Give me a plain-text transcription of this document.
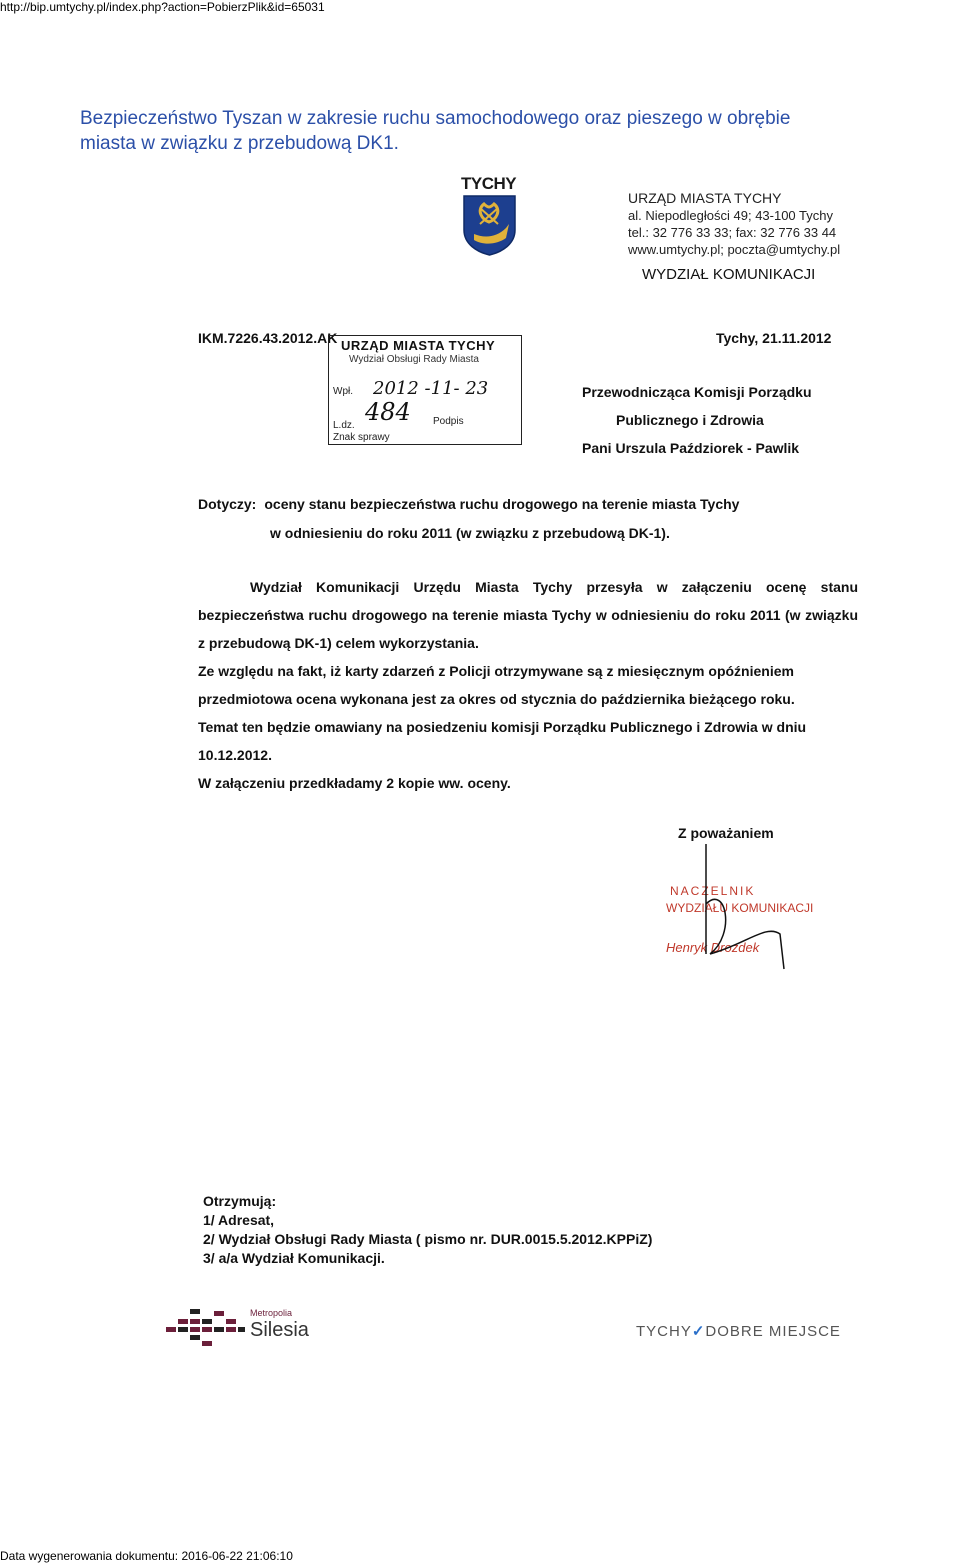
http://bip.umtychy.pl/index.php?action=PobierzPlik&id=65031
Bezpieczeństwo Tyszan w zakresie ruchu samochodowego oraz pieszego w obrębie miasta w związku z przebudową DK1.
TYCHY
URZĄD MIASTA TYCHY
al. Niepodległości 49; 43-100 Tychy
tel.: 32 776 33 33; fax: 32 776 33 44
www.umtychy.pl; poczta@umtychy.pl
WYDZIAŁ KOMUNIKACJI
IKM.7226.43.2012.AK	Tychy, 21.11.2012
URZĄD MIASTA TYCHY
Wydział Obsługi Rady Miasta
Wpł. 2012 -11- 23
L.dz. 484 Podpis
Znak sprawy
Przewodnicząca Komisji Porządku
Publicznego i Zdrowia
Pani Urszula Paździorek - Pawlik
Dotyczy: oceny stanu bezpieczeństwa ruchu drogowego na terenie miasta Tychy
w odniesieniu do roku 2011 (w związku z przebudową DK-1).

Wydział Komunikacji Urzędu Miasta Tychy przesyła w załączeniu ocenę stanu bezpieczeństwa ruchu drogowego na terenie miasta Tychy w odniesieniu do roku 2011 (w związku z przebudową DK-1) celem wykorzystania.

Ze względu na fakt, iż karty zdarzeń z Policji otrzymywane są z miesięcznym opóźnieniem przedmiotowa ocena wykonana jest za okres od stycznia do października bieżącego roku.

Temat ten będzie omawiany na posiedzeniu komisji Porządku Publicznego i Zdrowia w dniu 10.12.2012.

W załączeniu przedkładamy 2 kopie ww. oceny.

Z poważaniem
NACZELNIK
WYDZIAŁU KOMUNIKACJI
Henryk Drozdek
Otrzymują:
1/ Adresat,
2/ Wydział Obsługi Rady Miasta ( pismo nr. DUR.0015.5.2012.KPPiZ)
3/ a/a Wydział Komunikacji.
Metropolia
Silesia	TYCHY✓DOBRE MIEJSCE
Data wygenerowania dokumentu: 2016-06-22 21:06:10
